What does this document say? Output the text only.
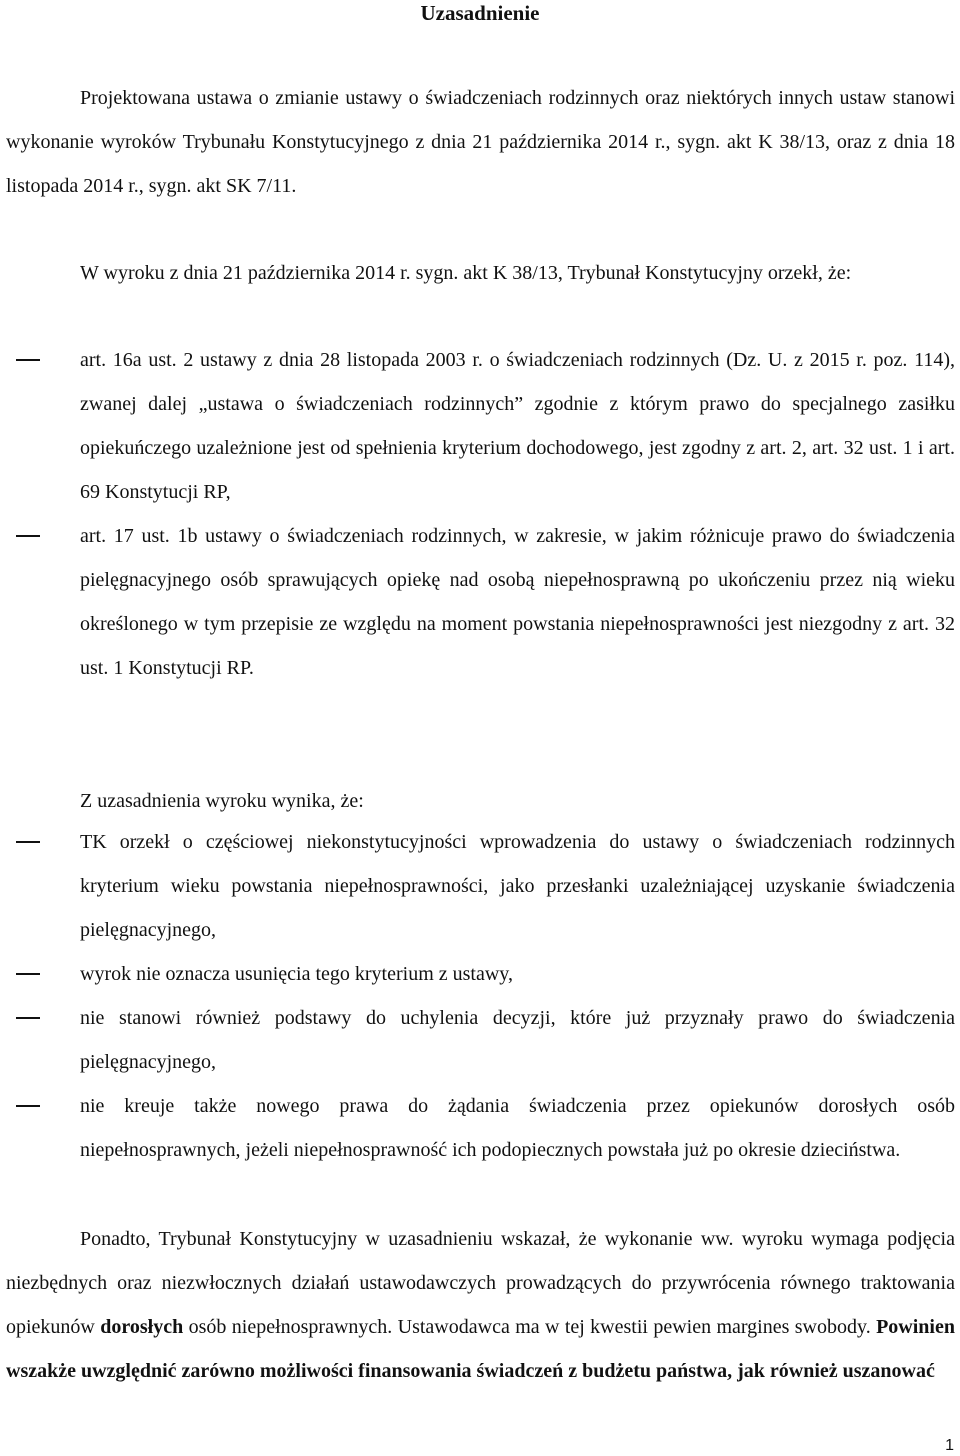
Uzasadnienie
Projektowana ustawa o zmianie ustawy o świadczeniach rodzinnych oraz niektórych innych ustaw stanowi wykonanie wyroków Trybunału Konstytucyjnego z dnia 21 października 2014 r., sygn. akt K 38/13, oraz z dnia 18 listopada 2014 r., sygn. akt SK 7/11.
W wyroku z dnia 21 października 2014 r. sygn. akt K 38/13, Trybunał Konstytucyjny orzekł, że:
art. 16a ust. 2 ustawy z dnia 28 listopada 2003 r. o świadczeniach rodzinnych (Dz. U. z 2015 r. poz. 114), zwanej dalej „ustawa o świadczeniach rodzinnych” zgodnie z którym prawo do specjalnego zasiłku opiekuńczego uzależnione jest od spełnienia kryterium dochodowego, jest zgodny z art. 2, art. 32 ust. 1 i art. 69 Konstytucji RP,
art. 17 ust. 1b ustawy o świadczeniach rodzinnych, w zakresie, w jakim różnicuje prawo do świadczenia pielęgnacyjnego osób sprawujących opiekę nad osobą niepełnosprawną po ukończeniu przez nią wieku określonego w tym przepisie ze względu na moment powstania niepełnosprawności jest niezgodny z art. 32 ust. 1 Konstytucji RP.
Z uzasadnienia wyroku wynika, że:
TK orzekł o częściowej niekonstytucyjności wprowadzenia do ustawy o świadczeniach rodzinnych kryterium wieku powstania niepełnosprawności, jako przesłanki uzależniającej uzyskanie świadczenia pielęgnacyjnego,
wyrok nie oznacza usunięcia tego kryterium z ustawy,
nie stanowi również podstawy do uchylenia decyzji, które już przyznały prawo do świadczenia pielęgnacyjnego,
nie kreuje także nowego prawa do żądania świadczenia przez opiekunów dorosłych osób niepełnosprawnych, jeżeli niepełnosprawność ich podopiecznych powstała już po okresie dzieciństwa.
Ponadto, Trybunał Konstytucyjny w uzasadnieniu wskazał, że wykonanie ww. wyroku wymaga podjęcia niezbędnych oraz niezwłocznych działań ustawodawczych prowadzących do przywrócenia równego traktowania opiekunów dorosłych osób niepełnosprawnych. Ustawodawca ma w tej kwestii pewien margines swobody. Powinien wszakże uwzględnić zarówno możliwości finansowania świadczeń z budżetu państwa, jak również uszanować
1
